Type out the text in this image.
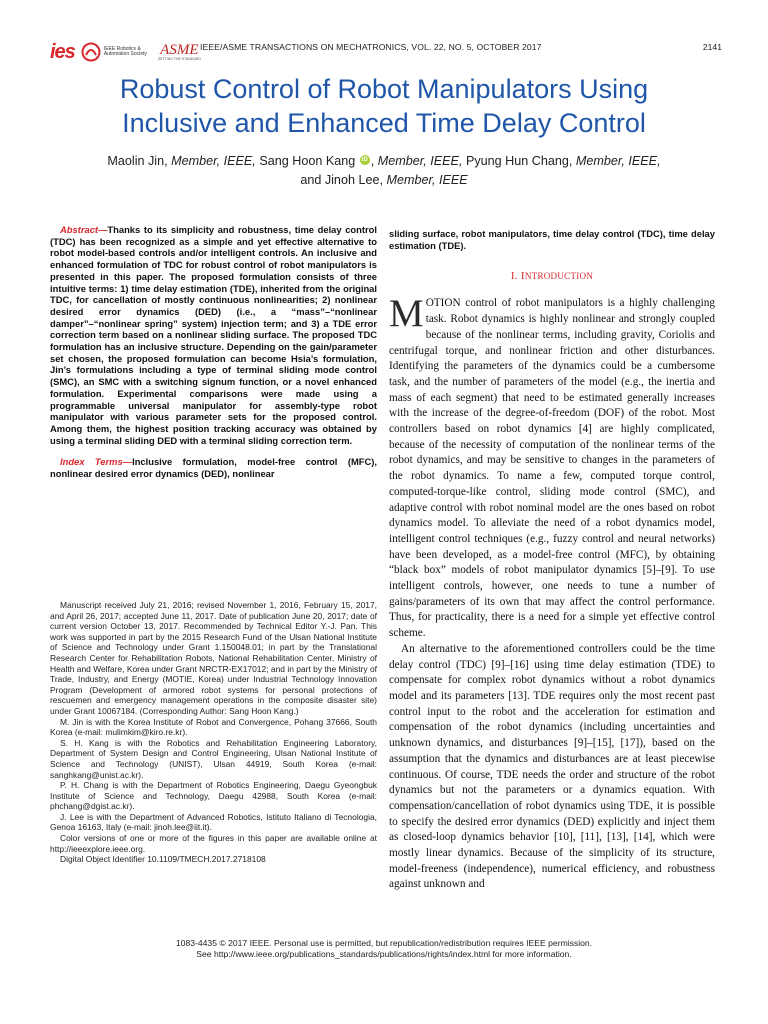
ies	IEEE Robotics & Automation Society ASME
SETTING THE STANDARD
IEEE/ASME TRANSACTIONS ON MECHATRONICS, VOL. 22, NO. 5, OCTOBER 2017	2141
Robust Control of Robot Manipulators Using
Inclusive and Enhanced Time Delay Control
Maolin Jin, Member, IEEE, Sang Hoon Kang iD , Member, IEEE, Pyung Hun Chang, Member, IEEE,
and Jinoh Lee, Member, IEEE

Abstract—Thanks to its simplicity and robustness, time delay control (TDC) has been recognized as a simple and yet effective alternative to robot model-based controls and/or intelligent controls. An inclusive and enhanced formulation of TDC for robust control of robot manipulators is presented in this paper. The proposed formulation consists of three intuitive terms: 1) time delay estimation (TDE), inherited from the original TDC, for cancellation of mostly continuous nonlinearities; 2) nonlinear desired error dynamics (DED) (i.e., a “mass”–“nonlinear damper”–“nonlinear spring” system) injection term; and 3) a TDE error correction term based on a nonlinear sliding surface. The proposed TDC formulation has an inclusive structure. Depending on the gain/parameter set chosen, the proposed formulation can become Hsia’s formulation, Jin’s formulations including a type of terminal sliding mode control (SMC), an SMC with a switching signum function, or a novel enhanced formulation. Experimental comparisons were made using a programmable universal manipulator for assembly-type robot manipulator with various parameter sets for the proposed control. Among them, the highest position tracking accuracy was obtained by using a terminal sliding DED with a terminal sliding correction term.

Index Terms—Inclusive formulation, model-free control (MFC), nonlinear desired error dynamics (DED), nonlinear

Manuscript received July 21, 2016; revised November 1, 2016, February 15, 2017, and April 26, 2017; accepted June 11, 2017. Date of publication June 20, 2017; date of current version October 13, 2017. Recommended by Technical Editor Y.-J. Pan. This work was supported in part by the 2015 Research Fund of the Ulsan National Institute of Science and Technology under Grant 1.150048.01; in part by the Translational Research Center for Rehabilitation Robots, National Rehabilitation Center, Ministry of Health and Welfare, Korea under Grant NRCTR-EX17012; and in part by the Ministry of Trade, Industry, and Energy (MOTIE, Korea) under Industrial Technology Innovation Program (Development of armored robot systems for personal protections of rescuemen and emergency management operations in the composite disaster site) under Grant 10067184. (Corresponding Author: Sang Hoon Kang.)

M. Jin is with the Korea Institute of Robot and Convergence, Pohang 37666, South Korea (e-mail: mulimkim@kiro.re.kr).

S. H. Kang is with the Robotics and Rehabilitation Engineering Laboratory, Department of System Design and Control Engineering, Ulsan National Institute of Science and Technology (UNIST), Ulsan 44919, South Korea (e-mail: sanghkang@unist.ac.kr).

P. H. Chang is with the Department of Robotics Engineering, Daegu Gyeongbuk Institute of Science and Technology, Daegu 42988, South Korea (e-mail: phchang@dgist.ac.kr).

J. Lee is with the Department of Advanced Robotics, Istituto Italiano di Tecnologia, Genoa 16163, Italy (e-mail: jinoh.lee@iit.it).

Color versions of one or more of the figures in this paper are available online at http://ieeexplore.ieee.org.

Digital Object Identifier 10.1109/TMECH.2017.2718108

sliding surface, robot manipulators, time delay control (TDC), time delay estimation (TDE).

I. INTRODUCTION

MOTION control of robot manipulators is a highly challenging task. Robot dynamics is highly nonlinear and strongly coupled because of the nonlinear terms, including gravity, Coriolis and centrifugal torque, and nonlinear friction and other disturbances. Identifying the parameters of the dynamics could be a cumbersome task, and the number of parameters of the model (e.g., the inertia and mass of each segment) that need to be estimated generally increases with the increase of the degree-of-freedom (DOF) of the robot. Most controllers based on robot dynamics [4] are highly complicated, because of the necessity of computation of the nonlinear terms of the robot dynamics, and may be sensitive to changes in the parameters of the robot dynamics. To name a few, computed torque control, computed-torque-like control, sliding mode control (SMC), and adaptive control with robot nominal model are the ones based on robot dynamics model. To alleviate the need of a robot dynamics model, intelligent control techniques (e.g., fuzzy control and neural networks) have been developed, as a model-free control (MFC), by obtaining “black box” models of robot manipulator dynamics [5]–[9]. To use intelligent controls, however, one needs to tune a number of gains/parameters of its own that may affect the control performance. Thus, for practicality, there is a need for a simple yet effective control scheme.

An alternative to the aforementioned controllers could be the time delay control (TDC) [9]–[16] using time delay estimation (TDE) to compensate for complex robot dynamics without a robot dynamics model and its parameters [13]. TDE requires only the most recent past control input to the robot and the acceleration for estimation and compensation of the robot dynamics (including uncertainties and unknown dynamics, and disturbances [9]–[15], [17]), based on the assumption that the dynamics and disturbances are at least piecewise continuous. Of course, TDE needs the order and structure of the robot dynamics but not the parameters or a dynamics equation. With compensation/cancellation of robot dynamics using TDE, it is possible to specify the desired error dynamics (DED) explicitly and inject them as closed-loop dynamics behavior [10], [11], [13], [14], which were mostly linear dynamics. Because of the simplicity of its structure, model-freeness (independence), numerical efficiency, and robustness against unknown and

1083-4435 © 2017 IEEE. Personal use is permitted, but republication/redistribution requires IEEE permission.
See http://www.ieee.org/publications_standards/publications/rights/index.html for more information.
